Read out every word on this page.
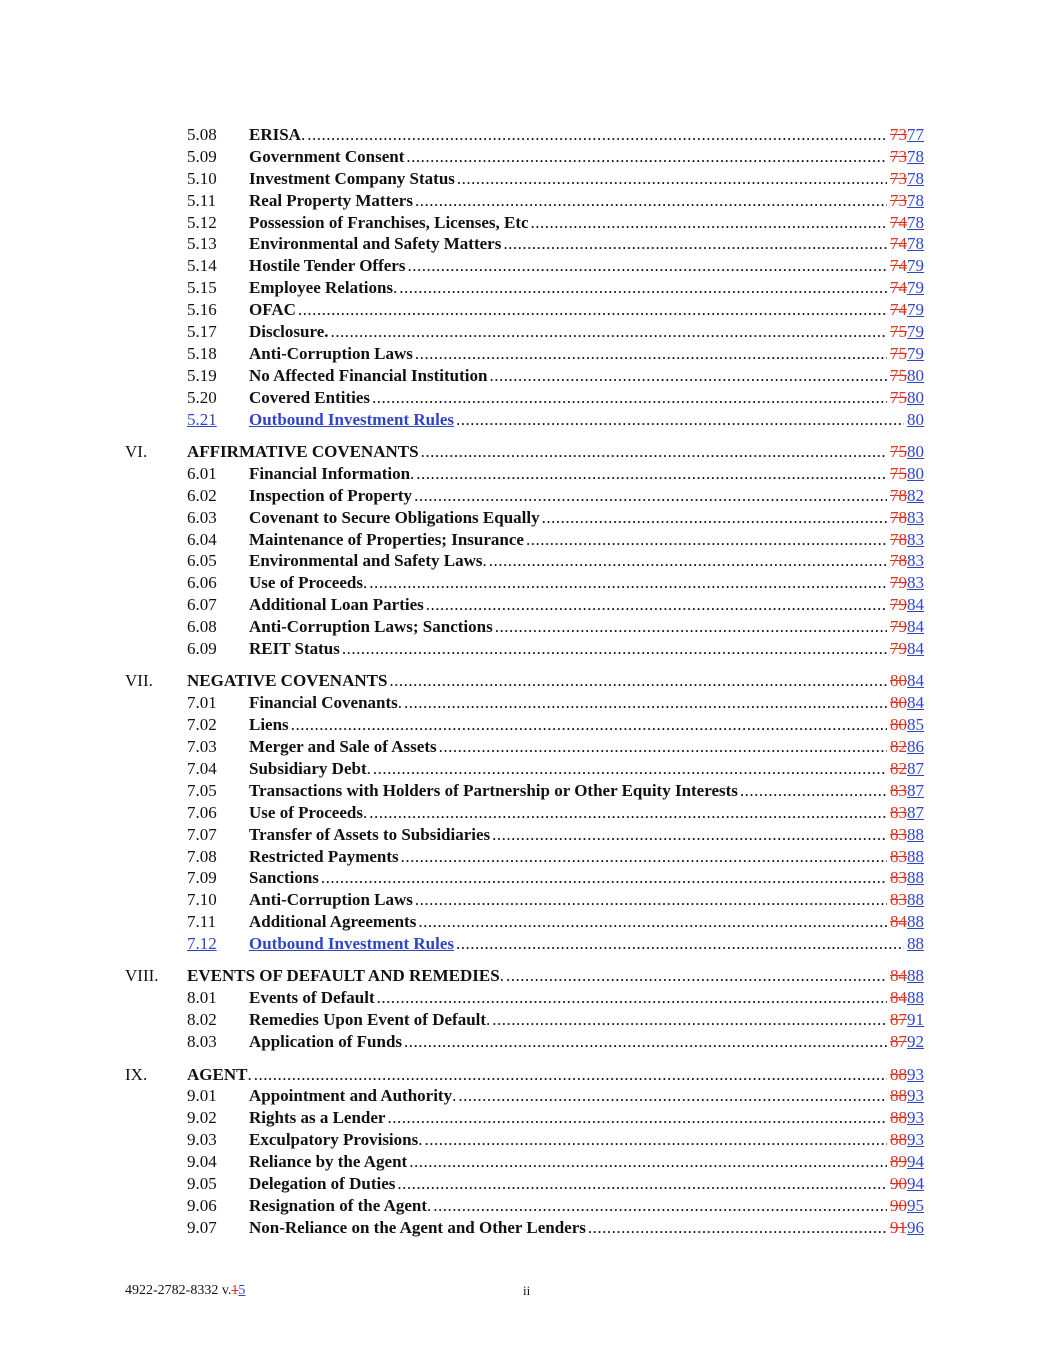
5.08 ERISA . .....	7377
5.09 Government Consent .....	7378
5.10 Investment Company Status .....	7378
5.11 Real Property Matters .....	7378
5.12 Possession of Franchises, Licenses, Etc .....	7478
5.13 Environmental and Safety Matters .....	7478
5.14 Hostile Tender Offers .....	7479
5.15 Employee Relations . .....	7479
5.16 OFAC .....	7479
5.17 Disclosure. .....	7579
5.18 Anti-Corruption Laws .....	7579
5.19 No Affected Financial Institution .....	7580
5.20 Covered Entities .....	7580
5.21 Outbound Investment Rules .....	80
VI. AFFIRMATIVE COVENANTS .....	7580
6.01 Financial Information . .....	7580
6.02 Inspection of Property .....	7882
6.03 Covenant to Secure Obligations Equally .....	7883
6.04 Maintenance of Properties; Insurance .....	7883
6.05 Environmental and Safety Laws . .....	7883
6.06 Use of Proceeds . .....	7983
6.07 Additional Loan Parties .....	7984
6.08 Anti-Corruption Laws; Sanctions .....	7984
6.09 REIT Status .....	7984
VII. NEGATIVE COVENANTS .....	8084
7.01 Financial Covenants . .....	8084
7.02 Liens .....	8085
7.03 Merger and Sale of Assets .....	8286
7.04 Subsidiary Debt . .....	8287
7.05 Transactions with Holders of Partnership or Other Equity Interests .....	8387
7.06 Use of Proceeds . .....	8387
7.07 Transfer of Assets to Subsidiaries .....	8388
7.08 Restricted Payments .....	8388
7.09 Sanctions .....	8388
7.10 Anti-Corruption Laws .....	8388
7.11 Additional Agreements .....	8488
7.12 Outbound Investment Rules .....	88
VIII. EVENTS OF DEFAULT AND REMEDIES . .....	8488
8.01 Events of Default .....	8488
8.02 Remedies Upon Event of Default . .....	8791
8.03 Application of Funds .....	8792
IX. AGENT . .....	8893
9.01 Appointment and Authority . .....	8893
9.02 Rights as a Lender .....	8893
9.03 Exculpatory Provisions . .....	8893
9.04 Reliance by the Agent .....	8994
9.05 Delegation of Duties .....	9094
9.06 Resignation of the Agent . .....	9095
9.07 Non-Reliance on the Agent and Other Lenders .....	9196
4922-2782-8332 v.15	ii
